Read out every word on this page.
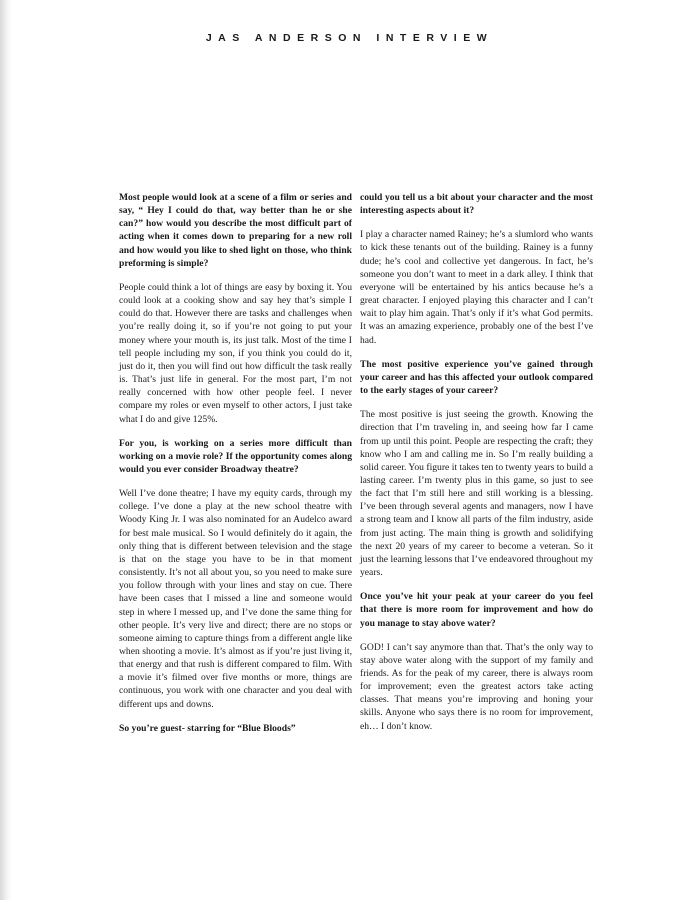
JAS ANDERSON INTERVIEW

Most people would look at a scene of a film or series and say, “ Hey I could do that, way better than he or she can?” how would you describe the most difficult part of acting when it comes down to preparing for a new roll and how would you like to shed light on those, who think preforming is simple?

People could think a lot of things are easy by boxing it. You could look at a cooking show and say hey that’s simple I could do that. However there are tasks and challenges when you’re really doing it, so if you’re not going to put your money where your mouth is, its just talk. Most of the time I tell people including my son, if you think you could do it, just do it, then you will find out how difficult the task really is. That’s just life in general. For the most part, I’m not really concerned with how other people feel. I never compare my roles or even myself to other actors, I just take what I do and give 125%.

For you, is working on a series more difficult than working on a movie role? If the opportunity comes along would you ever consider Broadway theatre?

Well I’ve done theatre; I have my equity cards, through my college. I’ve done a play at the new school theatre with Woody King Jr. I was also nominated for an Audelco award for best male musical. So I would definitely do it again, the only thing that is different between television and the stage is that on the stage you have to be in that moment consistently. It’s not all about you, so you need to make sure you follow through with your lines and stay on cue. There have been cases that I missed a line and someone would step in where I messed up, and I’ve done the same thing for other people. It’s very live and direct; there are no stops or someone aiming to capture things from a different angle like when shooting a movie. It’s almost as if you’re just living it, that energy and that rush is different compared to film. With a movie it’s filmed over five months or more, things are continuous, you work with one character and you deal with different ups and downs.

So you’re guest- starring for “Blue Bloods”

could you tell us a bit about your character and the most interesting aspects about it?

I play a character named Rainey; he’s a slumlord who wants to kick these tenants out of the building. Rainey is a funny dude; he’s cool and collective yet dangerous. In fact, he’s someone you don’t want to meet in a dark alley. I think that everyone will be entertained by his antics because he’s a great character. I enjoyed playing this character and I can’t wait to play him again. That’s only if it’s what God permits. It was an amazing experience, probably one of the best I’ve had.

The most positive experience you’ve gained through your career and has this affected your outlook compared to the early stages of your career?

The most positive is just seeing the growth. Knowing the direction that I’m traveling in, and seeing how far I came from up until this point. People are respecting the craft; they know who I am and calling me in. So I’m really building a solid career. You figure it takes ten to twenty years to build a lasting career. I’m twenty plus in this game, so just to see the fact that I’m still here and still working is a blessing. I’ve been through several agents and managers, now I have a strong team and I know all parts of the film industry, aside from just acting. The main thing is growth and solidifying the next 20 years of my career to become a veteran. So it just the learning lessons that I’ve endeavored throughout my years.

Once you’ve hit your peak at your career do you feel that there is more room for improvement and how do you manage to stay above water?

GOD! I can’t say anymore than that. That’s the only way to stay above water along with the support of my family and friends. As for the peak of my career, there is always room for improvement; even the greatest actors take acting classes. That means you’re improving and honing your skills. Anyone who says there is no room for improvement, eh… I don’t know.
